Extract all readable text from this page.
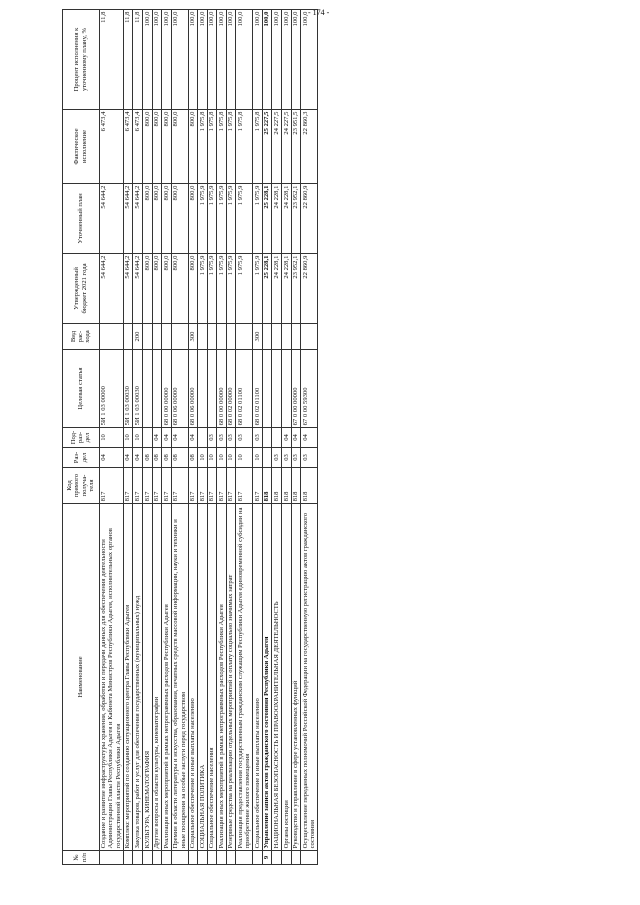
- 174 -
№ п/п	Наименование	Код прямого получа-теля	Раз-дел	Под-раз-дел	Целевая статья	Вид рас-хода	Утвержденный бюджет 2021 года	Уточненный план	Фактическое исполнение	Процент исполнения к уточненному плану, %
	Создание и развитие инфраструктуры хранения, обработки и передачи данных для обеспечения деятельности Администрации Главы Республики Адыгея и Кабинета Министров Республики Адыгея, исполнительных органов государственной власти Республики Адыгея	817	04	10	5И 1 03 00000		54 644,2	54 644,2	6 473,4	11,8
	Комплекс мероприятий по созданию ситуационного центра Главы Республики Адыгея	817	04	10	5И 1 03 00030		54 644,2	54 644,2	6 473,4	11,8
	Закупка товаров, работ и услуг для обеспечения государственных (муниципальных) нужд	817	04	10	5И 1 03 00030	200	54 644,2	54 644,2	6 473,4	11,8
	КУЛЬТУРА, КИНЕМАТОГРАФИЯ	817	08				800,0	800,0	800,0	100,0
	Другие вопросы в области культуры, кинематографии	817	08	04			800,0	800,0	800,0	100,0
	Реализация иных мероприятий в рамках непрограммных расходов Республики Адыгея	817	08	04	68 0 00 00000		800,0	800,0	800,0	100,0
	Премии в области литературы и искусства, образования, печатных средств массовой информации, науки и техники и иные поощрения за особые заслуги перед государством	817	08	04	68 0 06 00000		800,0	800,0	800,0	100,0
	Социальное обеспечение и иные выплаты населению	817	08	04	68 0 06 00000	300	800,0	800,0	800,0	100,0
	СОЦИАЛЬНАЯ ПОЛИТИКА	817	10				1 975,9	1 975,9	1 975,8	100,0
	Социальное обеспечение населения	817	10	03			1 975,9	1 975,9	1 975,8	100,0
	Реализация иных мероприятий в рамках непрограммных расходов Республики Адыгея	817	10	03	68 0 00 00000		1 975,9	1 975,9	1 975,8	100,0
	Резервные средства на реализацию отдельных мероприятий и оплату социально значимых затрат	817	10	03	68 0 02 00000		1 975,9	1 975,9	1 975,8	100,0
	Реализация предоставления государственным гражданским служащим Республики Адыгея единовременной субсидии на приобретение жилого помещения	817	10	03	68 0 02 01100		1 975,9	1 975,9	1 975,8	100,0
	Социальное обеспечение и иные выплаты населению	817	10	03	68 0 02 01100	300	1 975,9	1 975,9	1 975,8	100,0
9	Управление записи актов гражданского состояния Республики Адыгея	818					25 228,1	25 228,1	25 227,5	100,0
	НАЦИОНАЛЬНАЯ БЕЗОПАСНОСТЬ И ПРАВООХРАНИТЕЛЬНАЯ ДЕЯТЕЛЬНОСТЬ	818	03				24 228,1	24 228,1	24 227,5	100,0
	Органы юстиции	818	03	04			24 228,1	24 228,1	24 227,5	100,0
	Руководство и управление в сфере установленных функций	818	03	04	67 0 00 00000		23 952,1	23 952,1	23 951,5	100,0
	Осуществление переданных полномочий Российской Федерации на государственную регистрацию актов гражданского состояния	818	03	04	67 0 00 59300		22 860,9	22 860,9	22 860,3	100,0
